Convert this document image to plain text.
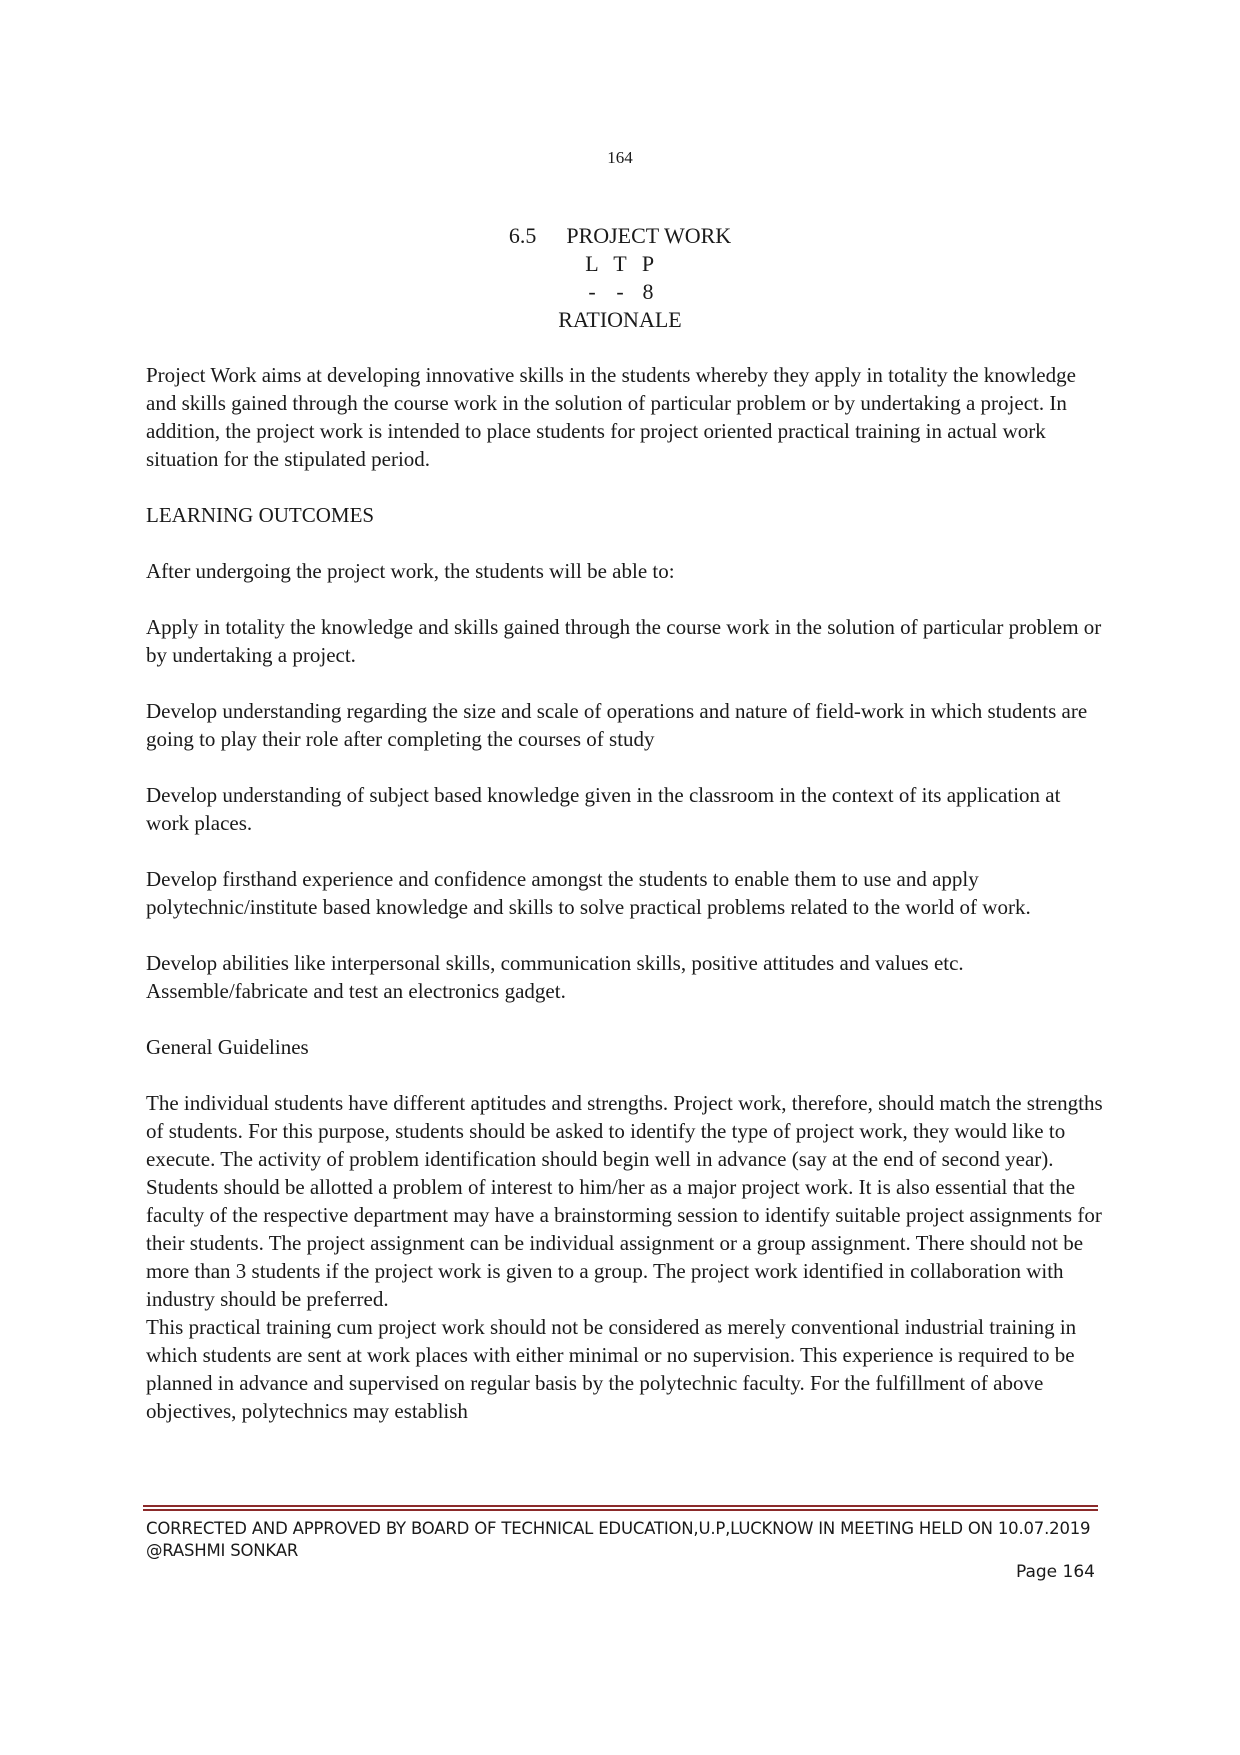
164
6.5 PROJECT WORK
L T P
- - 8
RATIONALE

Project Work aims at developing innovative skills in the students whereby they apply in totality the knowledge and skills gained through the course work in the solution of particular problem or by undertaking a project. In addition, the project work is intended to place students for project oriented practical training in actual work situation for the stipulated period.

LEARNING OUTCOMES

After undergoing the project work, the students will be able to:

Apply in totality the knowledge and skills gained through the course work in the solution of particular problem or by undertaking a project.

Develop understanding regarding the size and scale of operations and nature of field-work in which students are going to play their role after completing the courses of study

Develop understanding of subject based knowledge given in the classroom in the context of its application at work places.

Develop firsthand experience and confidence amongst the students to enable them to use and apply polytechnic/institute based knowledge and skills to solve practical problems related to the world of work.

Develop abilities like interpersonal skills, communication skills, positive attitudes and values etc. Assemble/fabricate and test an electronics gadget.

General Guidelines

The individual students have different aptitudes and strengths. Project work, therefore, should match the strengths of students. For this purpose, students should be asked to identify the type of project work, they would like to execute. The activity of problem identification should begin well in advance (say at the end of second year). Students should be allotted a problem of interest to him/her as a major project work. It is also essential that the faculty of the respective department may have a brainstorming session to identify suitable project assignments for their students. The project assignment can be individual assignment or a group assignment. There should not be more than 3 students if the project work is given to a group. The project work identified in collaboration with industry should be preferred.

This practical training cum project work should not be considered as merely conventional industrial training in which students are sent at work places with either minimal or no supervision. This experience is required to be planned in advance and supervised on regular basis by the polytechnic faculty. For the fulfillment of above objectives, polytechnics may establish

CORRECTED AND APPROVED BY BOARD OF TECHNICAL EDUCATION,U.P,LUCKNOW IN MEETING HELD ON 10.07.2019 @RASHMI SONKAR
Page 164
